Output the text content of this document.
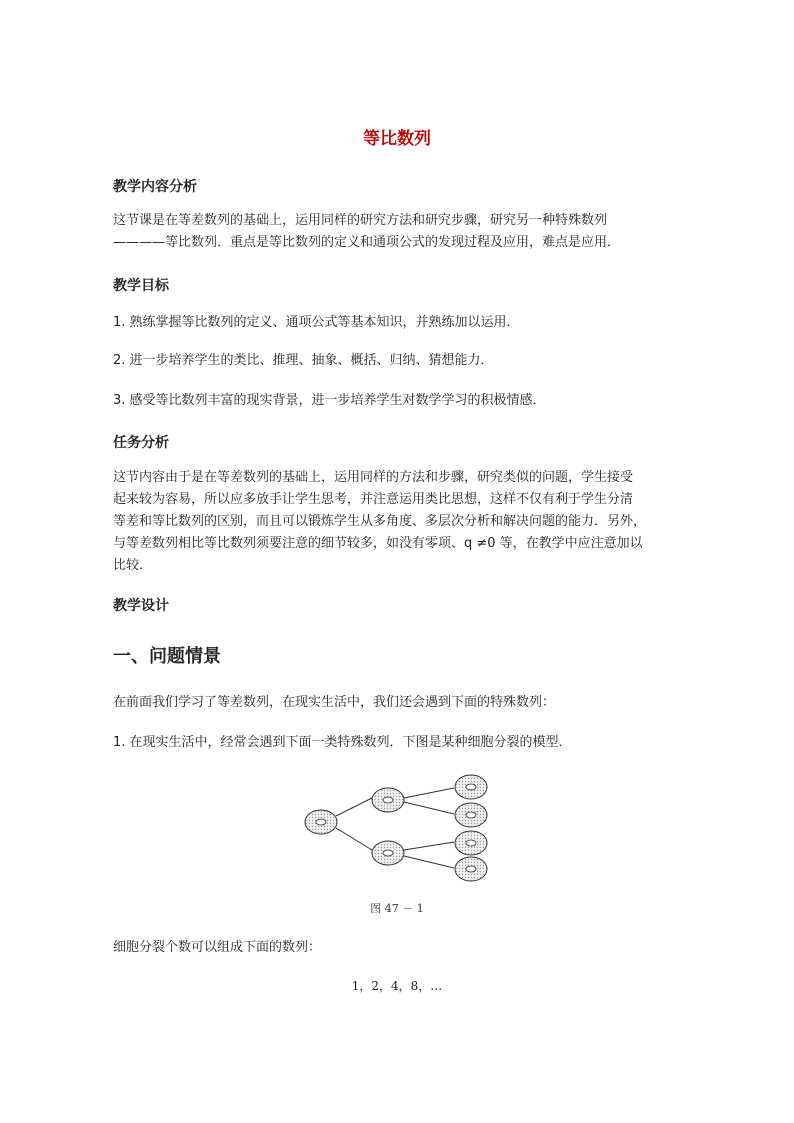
等比数列
教学内容分析
这节课是在等差数列的基础上，运用同样的研究方法和研究步骤，研究另一种特殊数列
————等比数列．重点是等比数列的定义和通项公式的发现过程及应用，难点是应用．
教学目标
1. 熟练掌握等比数列的定义、通项公式等基本知识，并熟练加以运用．
2. 进一步培养学生的类比、推理、抽象、概括、归纳、猜想能力．
3. 感受等比数列丰富的现实背景，进一步培养学生对数学学习的积极情感．
任务分析
这节内容由于是在等差数列的基础上，运用同样的方法和步骤，研究类似的问题，学生接受
起来较为容易，所以应多放手让学生思考，并注意运用类比思想，这样不仅有利于学生分清
等差和等比数列的区别，而且可以锻炼学生从多角度、多层次分析和解决问题的能力．另外，
与等差数列相比等比数列须要注意的细节较多，如没有零项、q ≠0 等，在教学中应注意加以
比较．
教学设计
一、问题情景
在前面我们学习了等差数列，在现实生活中，我们还会遇到下面的特殊数列：
1. 在现实生活中，经常会遇到下面一类特殊数列．下图是某种细胞分裂的模型．
图 47 － 1
细胞分裂个数可以组成下面的数列：
1，2，4，8，…
